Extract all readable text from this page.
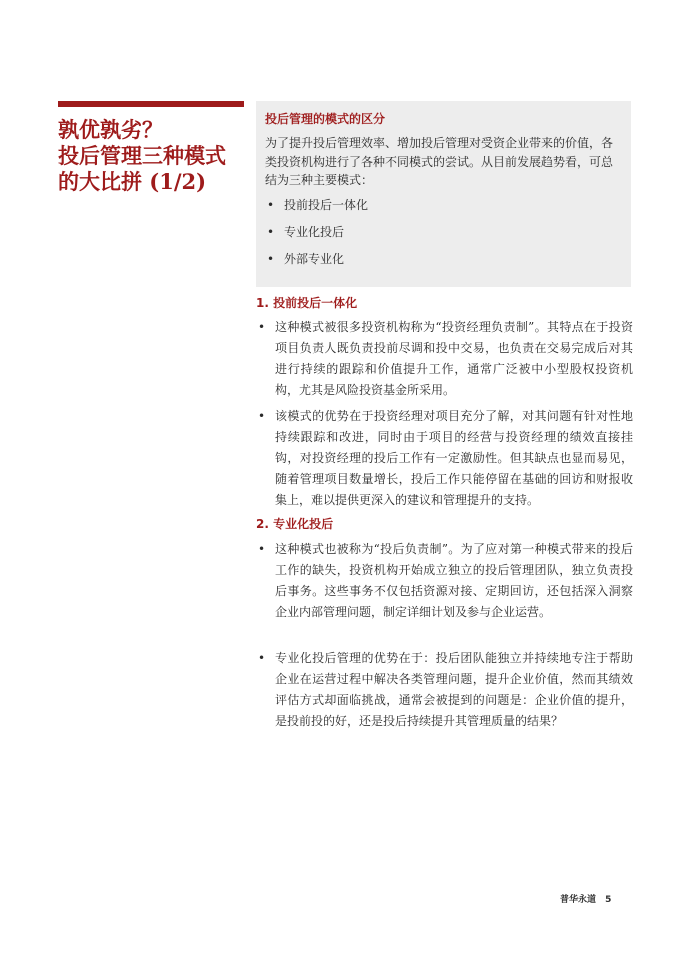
孰优孰劣？
投后管理三种模式
的大比拼 (1/2)
投后管理的模式的区分

为了提升投后管理效率、增加投后管理对受资企业带来的价值，各类投资机构进行了各种不同模式的尝试。从目前发展趋势看，可总结为三种主要模式：

• 投前投后一体化
• 专业化投后
• 外部专业化
1. 投前投后一体化
• 这种模式被很多投资机构称为“投资经理负责制”。其特点在于投资项目负责人既负责投前尽调和投中交易，也负责在交易完成后对其进行持续的跟踪和价值提升工作，通常广泛被中小型股权投资机构，尤其是风险投资基金所采用。
• 该模式的优势在于投资经理对项目充分了解，对其问题有针对性地持续跟踪和改进，同时由于项目的经营与投资经理的绩效直接挂钩，对投资经理的投后工作有一定激励性。但其缺点也显而易见，随着管理项目数量增长，投后工作只能停留在基础的回访和财报收集上，难以提供更深入的建议和管理提升的支持。
2. 专业化投后
• 这种模式也被称为“投后负责制”。为了应对第一种模式带来的投后工作的缺失，投资机构开始成立独立的投后管理团队，独立负责投后事务。这些事务不仅包括资源对接、定期回访，还包括深入洞察企业内部管理问题，制定详细计划及参与企业运营。
• 专业化投后管理的优势在于：投后团队能独立并持续地专注于帮助企业在运营过程中解决各类管理问题，提升企业价值，然而其绩效评估方式却面临挑战，通常会被提到的问题是：企业价值的提升，是投前投的好，还是投后持续提升其管理质量的结果？
普华永道 5
